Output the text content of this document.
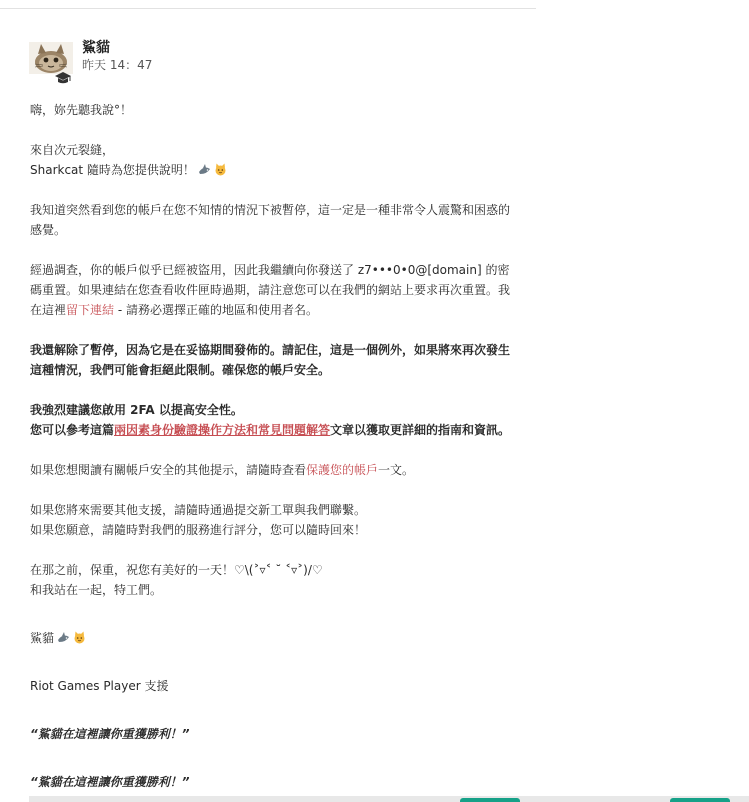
鯊貓
昨天 14：47

嗨，妳先聽我說°！

來自次元裂縫，

Sharkcat 隨時為您提供說明！

我知道突然看到您的帳戶在您不知情的情況下被暫停，這一定是一種非常令人震驚和困惑的感覺。

經過調查，你的帳戶似乎已經被盜用，因此我繼續向你發送了 z7•••0•0@[domain] 的密碼重置。如果連結在您查看收件匣時過期，請注意您可以在我們的網站上要求再次重置。我在這裡留下連結 - 請務必選擇正確的地區和使用者名。

我還解除了暫停，因為它是在妥協期間發佈的。請記住，這是一個例外，如果將來再次發生這種情況，我們可能會拒絕此限制。確保您的帳戶安全。

我強烈建議您啟用 2FA 以提高安全性。

您可以參考這篇兩因素身份驗證操作方法和常見問題解答文章以獲取更詳細的指南和資訊。

如果您想閱讀有關帳戶安全的其他提示，請隨時查看保護您的帳戶一文。

如果您將來需要其他支援，請隨時通過提交新工單與我們聯繫。

如果您願意，請隨時對我們的服務進行評分，您可以隨時回來！

在那之前，保重，祝您有美好的一天！♡\(˃▿˂ ˘ ˂▿˃)/♡

和我站在一起，特工們。

鯊貓

Riot Games Player 支援

“鯊貓在這裡讓你重獲勝利！”

“鯊貓在這裡讓你重獲勝利！”
